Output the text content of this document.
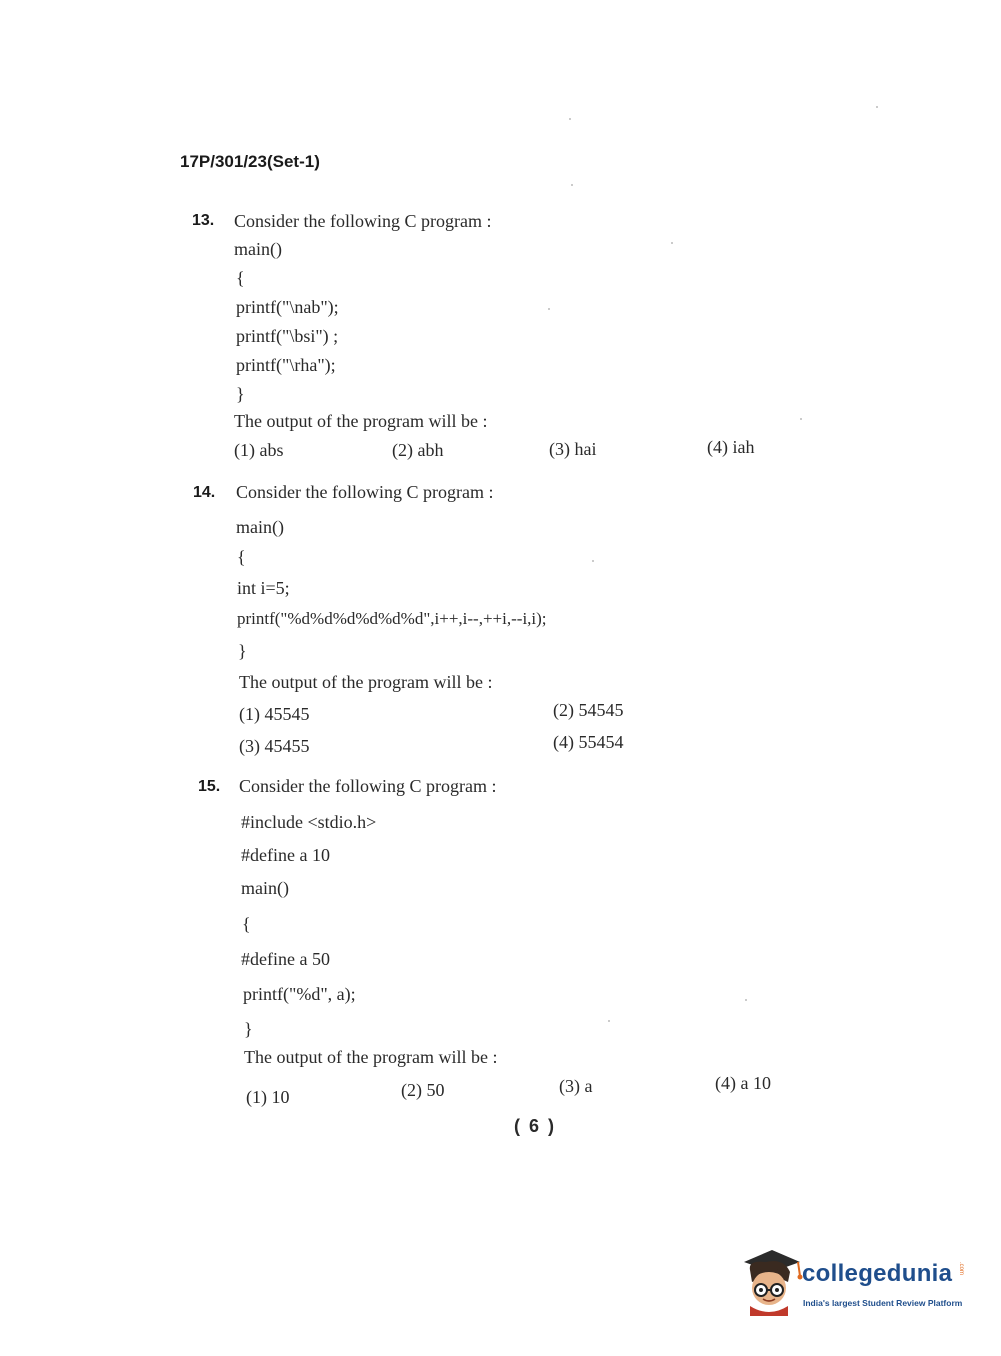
17P/301/23(Set-1)
13. Consider the following C program :
main()
{
printf("\nab");
printf("\bsi") ;
printf("\rha");
}
The output of the program will be :
(1) abs	(2) abh	(3) hai	(4) iah
14. Consider the following C program :
main()
{
int i=5;
printf("%d%d%d%d%d%d",i++,i--,++i,--i,i);
}
The output of the program will be :
(1) 45545	(2) 54545
(3) 45455	(4) 55454
15. Consider the following C program :
#include <stdio.h>
#define a 10
main()
{
#define a 50
printf("%d", a);
}
The output of the program will be :
(1) 10	(2) 50	(3) a	(4) a 10
( 6 )
collegedunia .com
India's largest Student Review Platform
